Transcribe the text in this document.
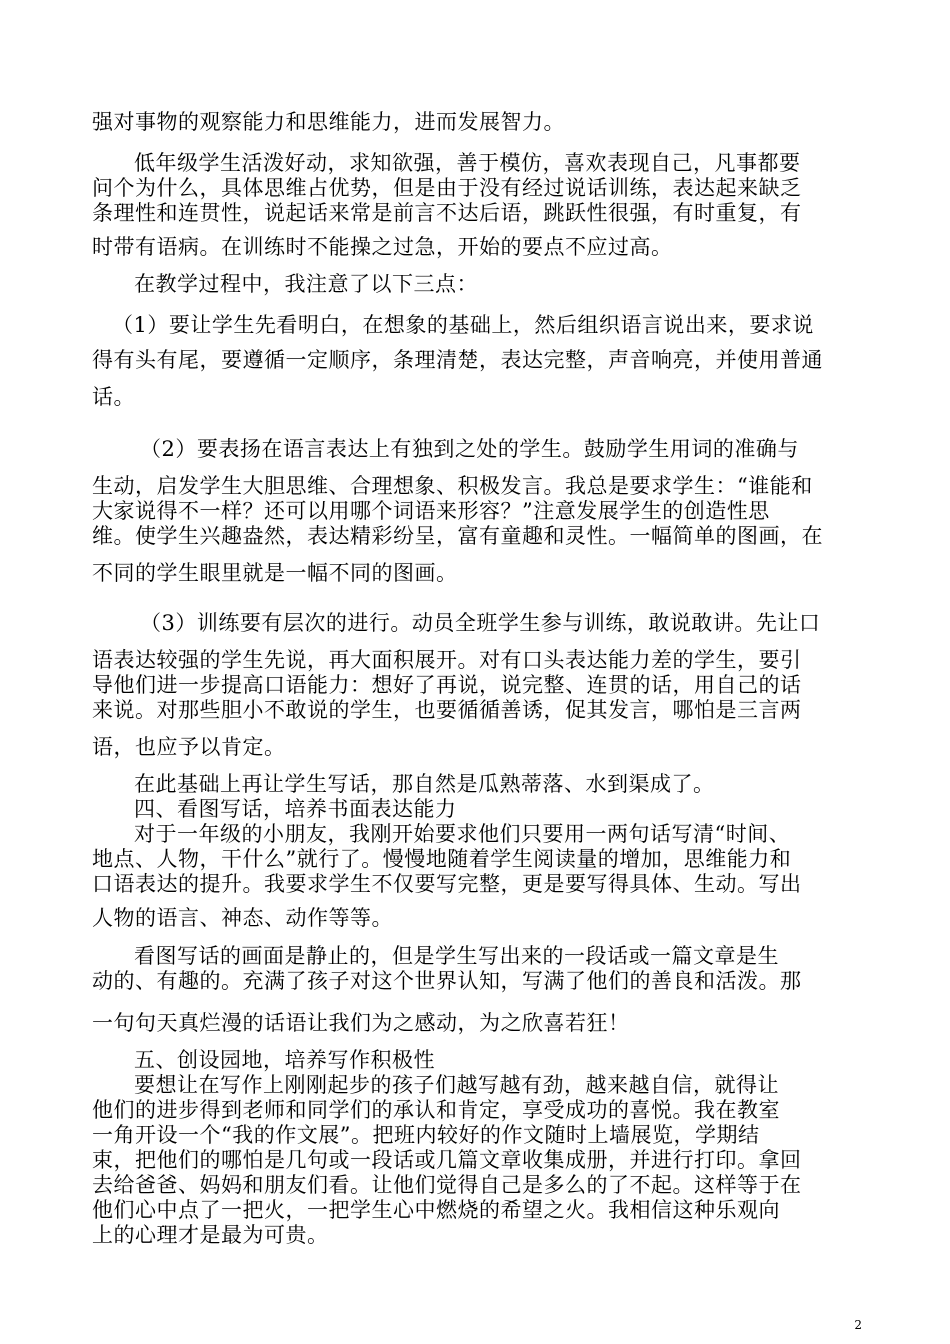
强对事物的观察能力和思维能力，进而发展智力。
低年级学生活泼好动，求知欲强，善于模仿，喜欢表现自己，凡事都要
问个为什么，具体思维占优势，但是由于没有经过说话训练，表达起来缺乏
条理性和连贯性，说起话来常是前言不达后语，跳跃性很强，有时重复，有
时带有语病。在训练时不能操之过急，开始的要点不应过高。
在教学过程中，我注意了以下三点：
（1）要让学生先看明白，在想象的基础上，然后组织语言说出来，要求说
得有头有尾，要遵循一定顺序，条理清楚，表达完整，声音响亮，并使用普通
话。
（2）要表扬在语言表达上有独到之处的学生。鼓励学生用词的准确与
生动，启发学生大胆思维、合理想象、积极发言。我总是要求学生：“谁能和
大家说得不一样？还可以用哪个词语来形容？”注意发展学生的创造性思
维。使学生兴趣盎然，表达精彩纷呈，富有童趣和灵性。一幅简单的图画，在
不同的学生眼里就是一幅不同的图画。
（3）训练要有层次的进行。动员全班学生参与训练，敢说敢讲。先让口
语表达较强的学生先说，再大面积展开。对有口头表达能力差的学生，要引
导他们进一步提高口语能力：想好了再说，说完整、连贯的话，用自己的话
来说。对那些胆小不敢说的学生，也要循循善诱，促其发言，哪怕是三言两
语，也应予以肯定。
在此基础上再让学生写话，那自然是瓜熟蒂落、水到渠成了。
四、看图写话，培养书面表达能力
对于一年级的小朋友，我刚开始要求他们只要用一两句话写清“时间、
地点、人物，干什么”就行了。慢慢地随着学生阅读量的增加，思维能力和
口语表达的提升。我要求学生不仅要写完整，更是要写得具体、生动。写出
人物的语言、神态、动作等等。
看图写话的画面是静止的，但是学生写出来的一段话或一篇文章是生
动的、有趣的。充满了孩子对这个世界认知，写满了他们的善良和活泼。那
一句句天真烂漫的话语让我们为之感动，为之欣喜若狂！
五、创设园地，培养写作积极性
要想让在写作上刚刚起步的孩子们越写越有劲，越来越自信，就得让
他们的进步得到老师和同学们的承认和肯定，享受成功的喜悦。我在教室
一角开设一个“我的作文展”。把班内较好的作文随时上墙展览，学期结
束，把他们的哪怕是几句或一段话或几篇文章收集成册，并进行打印。拿回
去给爸爸、妈妈和朋友们看。让他们觉得自己是多么的了不起。这样等于在
他们心中点了一把火，一把学生心中燃烧的希望之火。我相信这种乐观向
上的心理才是最为可贵。
2
